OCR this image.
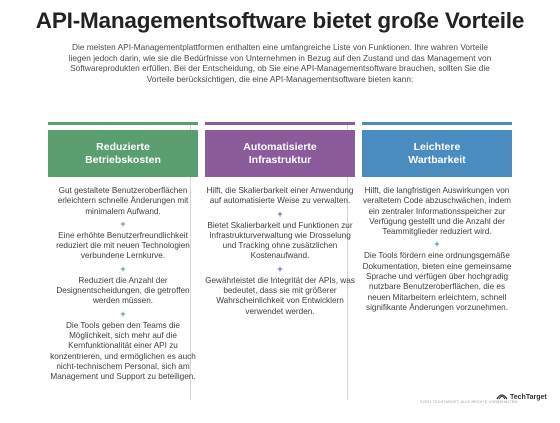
API-Managementsoftware bietet große Vorteile
Die meisten API-Managementplattformen enthalten eine umfangreiche Liste von Funktionen. Ihre wahren Vorteile liegen jedoch darin, wie sie die Bedürfnisse von Unternehmen in Bezug auf den Zustand und das Management von Softwareprodukten erfüllen. Bei der Entscheidung, ob Sie eine API-Managementsoftware brauchen, sollten Sie die Vorteile berücksichtigen, die eine API-Managementsoftware bieten kann:
Reduzierte
Betriebskosten

Gut gestaltete Benutzeroberflächen erleichtern schnelle Änderungen mit minimalem Aufwand.

+

Eine erhöhte Benutzerfreundlichkeit reduziert die mit neuen Technologien verbundene Lernkurve.

+

Reduziert die Anzahl der Designentscheidungen, die getroffen werden müssen.

+

Die Tools geben den Teams die Möglichkeit, sich mehr auf die Kernfunktionalität einer API zu konzentrieren, und ermöglichen es auch nicht-technischem Personal, sich am Management und Support zu beteiligen.

Automatisierte
Infrastruktur

Hilft, die Skalierbarkeit einer Anwendung auf automatisierte Weise zu verwalten.

+

Bietet Skalierbarkeit und Funktionen zur Infrastrukturverwaltung wie Drosselung und Tracking ohne zusätzlichen Kostenaufwand.

+

Gewährleistet die Integrität der APIs, was bedeutet, dass sie mit größerer Wahrscheinlichkeit von Entwicklern verwendet werden.

Leichtere
Wartbarkeit

Hilft, die langfristigen Auswirkungen von veraltetem Code abzuschwächen, indem ein zentraler Informationsspeicher zur Verfügung gestellt und die Anzahl der Teammitglieder reduziert wird.

+

Die Tools fördern eine ordnungsgemäße Dokumentation, bieten eine gemeinsame Sprache und verfügen über hochgradig nutzbare Benutzeroberflächen, die es neuen Mitarbeitern erleichtern, schnell signifikante Änderungen vorzunehmen.

©2021 TECHTARGET. ALLE RECHTE VORBEHALTEN
TechTarget
